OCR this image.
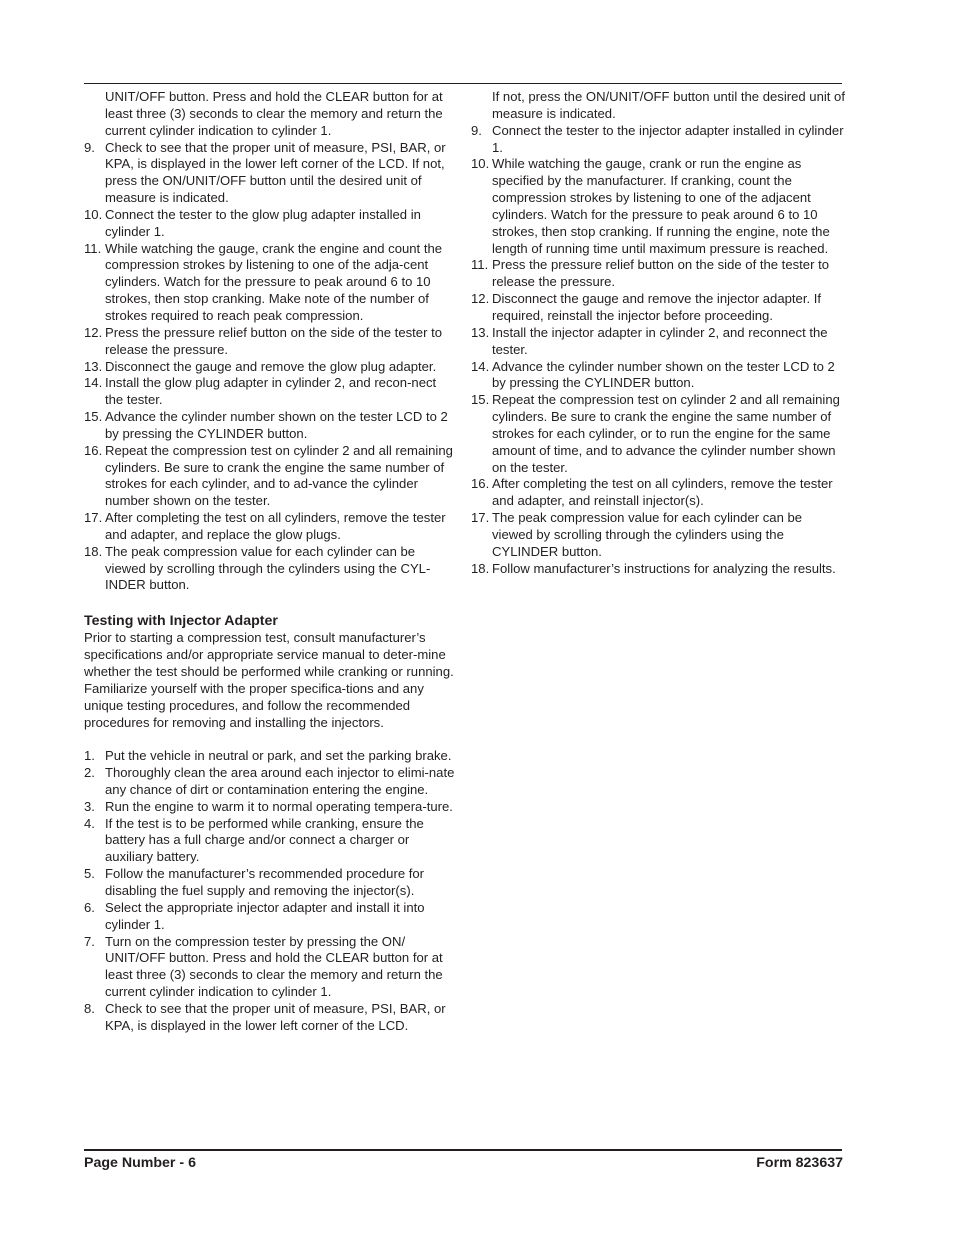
UNIT/OFF button. Press and hold the CLEAR button for at least three (3) seconds to clear the memory and return the current cylinder indication to cylinder 1.
9. Check to see that the proper unit of measure, PSI, BAR, or KPA, is displayed in the lower left corner of the LCD. If not, press the ON/UNIT/OFF button until the desired unit of measure is indicated.
10. Connect the tester to the glow plug adapter installed in cylinder 1.
11. While watching the gauge, crank the engine and count the compression strokes by listening to one of the adja-cent cylinders. Watch for the pressure to peak around 6 to 10 strokes, then stop cranking. Make note of the number of strokes required to reach peak compression.
12. Press the pressure relief button on the side of the tester to release the pressure.
13. Disconnect the gauge and remove the glow plug adapter.
14. Install the glow plug adapter in cylinder 2, and recon-nect the tester.
15. Advance the cylinder number shown on the tester LCD to 2 by pressing the CYLINDER button.
16. Repeat the compression test on cylinder 2 and all remaining cylinders. Be sure to crank the engine the same number of strokes for each cylinder, and to ad-vance the cylinder number shown on the tester.
17. After completing the test on all cylinders, remove the tester and adapter, and replace the glow plugs.
18. The peak compression value for each cylinder can be viewed by scrolling through the cylinders using the CYL-INDER button.
Testing with Injector Adapter

Prior to starting a compression test, consult manufacturer’s specifications and/or appropriate service manual to deter-mine whether the test should be performed while cranking or running. Familiarize yourself with the proper specifica-tions and any unique testing procedures, and follow the recommended procedures for removing and installing the injectors.

1. Put the vehicle in neutral or park, and set the parking brake.
2. Thoroughly clean the area around each injector to elimi-nate any chance of dirt or contamination entering the engine.
3. Run the engine to warm it to normal operating tempera-ture.
4. If the test is to be performed while cranking, ensure the battery has a full charge and/or connect a charger or auxiliary battery.
5. Follow the manufacturer’s recommended procedure for disabling the fuel supply and removing the injector(s).
6. Select the appropriate injector adapter and install it into cylinder 1.
7. Turn on the compression tester by pressing the ON/ UNIT/OFF button. Press and hold the CLEAR button for at least three (3) seconds to clear the memory and return the current cylinder indication to cylinder 1.
8. Check to see that the proper unit of measure, PSI, BAR, or KPA, is displayed in the lower left corner of the LCD.
If not, press the ON/UNIT/OFF button until the desired unit of measure is indicated.
9. Connect the tester to the injector adapter installed in cylinder 1.
10. While watching the gauge, crank or run the engine as specified by the manufacturer. If cranking, count the compression strokes by listening to one of the adjacent cylinders. Watch for the pressure to peak around 6 to 10 strokes, then stop cranking. If running the engine, note the length of running time until maximum pressure is reached.
11. Press the pressure relief button on the side of the tester to release the pressure.
12. Disconnect the gauge and remove the injector adapter. If required, reinstall the injector before proceeding.
13. Install the injector adapter in cylinder 2, and reconnect the tester.
14. Advance the cylinder number shown on the tester LCD to 2 by pressing the CYLINDER button.
15. Repeat the compression test on cylinder 2 and all remaining cylinders. Be sure to crank the engine the same number of strokes for each cylinder, or to run the engine for the same amount of time, and to advance the cylinder number shown on the tester.
16. After completing the test on all cylinders, remove the tester and adapter, and reinstall injector(s).
17. The peak compression value for each cylinder can be viewed by scrolling through the cylinders using the CYLINDER button.
18. Follow manufacturer’s instructions for analyzing the results.
Page Number - 6	Form 823637
